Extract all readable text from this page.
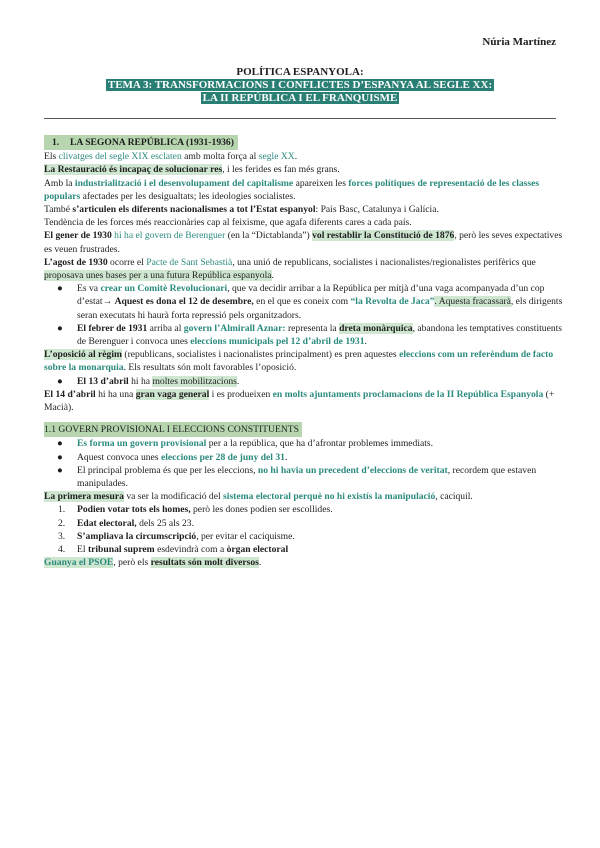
Núria Martínez
POLÍTICA ESPANYOLA:
TEMA 3: TRANSFORMACIONS I CONFLICTES D’ESPANYA AL SEGLE XX:
LA II REPÚBLICA I EL FRANQUISME
1. LA SEGONA REPÚBLICA (1931-1936)

Els clivatges del segle XIX esclaten amb molta força al segle XX.

La Restauració és incapaç de solucionar res, i les ferides es fan més grans.

Amb la industrialització i el desenvolupament del capitalisme apareixen les forces polítiques de representació de les classes populars afectades per les desigualtats; les ideologies socialistes.

També s’articulen els diferents nacionalismes a tot l’Estat espanyol: País Basc, Catalunya i Galícia.

Tendència de les forces més reaccionàries cap al feixisme, que agafa diferents cares a cada país.

El gener de 1930 hi ha el govern de Berenguer (en la “Dictablanda”) vol restablir la Constitució de 1876, però les seves expectatives es veuen frustrades.

L’agost de 1930 ocorre el Pacte de Sant Sebastià, una unió de republicans, socialistes i nacionalistes/regionalistes perifèrics que proposava unes bases per a una futura República espanyola.

●	Es va crear un Comitè Revolucionari, que va decidir arribar a la República per mitjà d’una vaga acompanyada d’un cop d’estat→ Aquest es dona el 12 de desembre, en el que es coneix com “la Revolta de Jaca”. Aquesta fracassarà, els dirigents seran executats hi haurà forta repressió pels organitzadors.
●	El febrer de 1931 arriba al govern l’Almirall Aznar: representa la dreta monàrquica, abandona les temptatives constituents de Berenguer i convoca unes eleccions municipals pel 12 d’abril de 1931.

L’oposició al règim (republicans, socialistes i nacionalistes principalment) es pren aquestes eleccions com un referèndum de facto sobre la monarquia. Els resultats són molt favorables l’oposició.

●	El 13 d’abril hi ha moltes mobilitzacions.

El 14 d’abril hi ha una gran vaga general i es produeixen en molts ajuntaments proclamacions de la II República Espanyola (+ Macià).

1.1 GOVERN PROVISIONAL I ELECCIONS CONSTITUENTS
●	Es forma un govern provisional per a la república, que ha d’afrontar problemes immediats.
●	Aquest convoca unes eleccions per 28 de juny del 31.
●	El principal problema és que per les eleccions, no hi havia un precedent d’eleccions de veritat, recordem que estaven manipulades.

La primera mesura va ser la modificació del sistema electoral perquè no hi existís la manipulació, caciquil.

1. Podien votar tots els homes, però les dones podien ser escollides.
2. Edat electoral, dels 25 als 23.
3. S’ampliava la circumscripció, per evitar el caciquisme.
4. El tribunal suprem esdevindrà com a òrgan electoral

Guanya el PSOE, però els resultats són molt diversos.
